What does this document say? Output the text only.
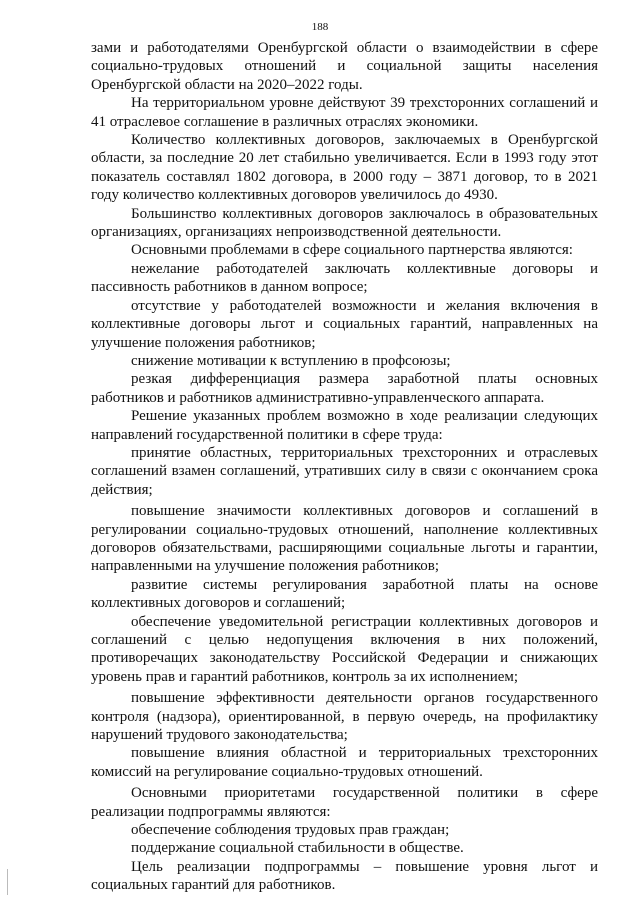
188

зами и работодателями Оренбургской области о взаимодействии в сфере социально-трудовых отношений и социальной защиты населения Оренбургской области на 2020–2022 годы.

На территориальном уровне действуют 39 трехсторонних соглашений и 41 отраслевое соглашение в различных отраслях экономики.

Количество коллективных договоров, заключаемых в Оренбургской области, за последние 20 лет стабильно увеличивается. Если в 1993 году этот показатель составлял 1802 договора, в 2000 году – 3871 договор, то в 2021 году количество коллективных договоров увеличилось до 4930.

Большинство коллективных договоров заключалось в образовательных организациях, организациях непроизводственной деятельности.

Основными проблемами в сфере социального партнерства являются:

нежелание работодателей заключать коллективные договоры и пассивность работников в данном вопросе;

отсутствие у работодателей возможности и желания включения в коллективные договоры льгот и социальных гарантий, направленных на улучшение положения работников;

снижение мотивации к вступлению в профсоюзы;

резкая дифференциация размера заработной платы основных работников и работников административно-управленческого аппарата.

Решение указанных проблем возможно в ходе реализации следующих направлений государственной политики в сфере труда:

принятие областных, территориальных трехсторонних и отраслевых соглашений взамен соглашений, утративших силу в связи с окончанием срока действия;

повышение значимости коллективных договоров и соглашений в регулировании социально-трудовых отношений, наполнение коллективных договоров обязательствами, расширяющими социальные льготы и гарантии, направленными на улучшение положения работников;

развитие системы регулирования заработной платы на основе коллективных договоров и соглашений;

обеспечение уведомительной регистрации коллективных договоров и соглашений с целью недопущения включения в них положений, противоречащих законодательству Российской Федерации и снижающих уровень прав и гарантий работников, контроль за их исполнением;

повышение эффективности деятельности органов государственного контроля (надзора), ориентированной, в первую очередь, на профилактику нарушений трудового законодательства;

повышение влияния областной и территориальных трехсторонних комиссий на регулирование социально-трудовых отношений.

Основными приоритетами государственной политики в сфере реализации подпрограммы являются:

обеспечение соблюдения трудовых прав граждан;

поддержание социальной стабильности в обществе.

Цель реализации подпрограммы – повышение уровня льгот и социальных гарантий для работников.
